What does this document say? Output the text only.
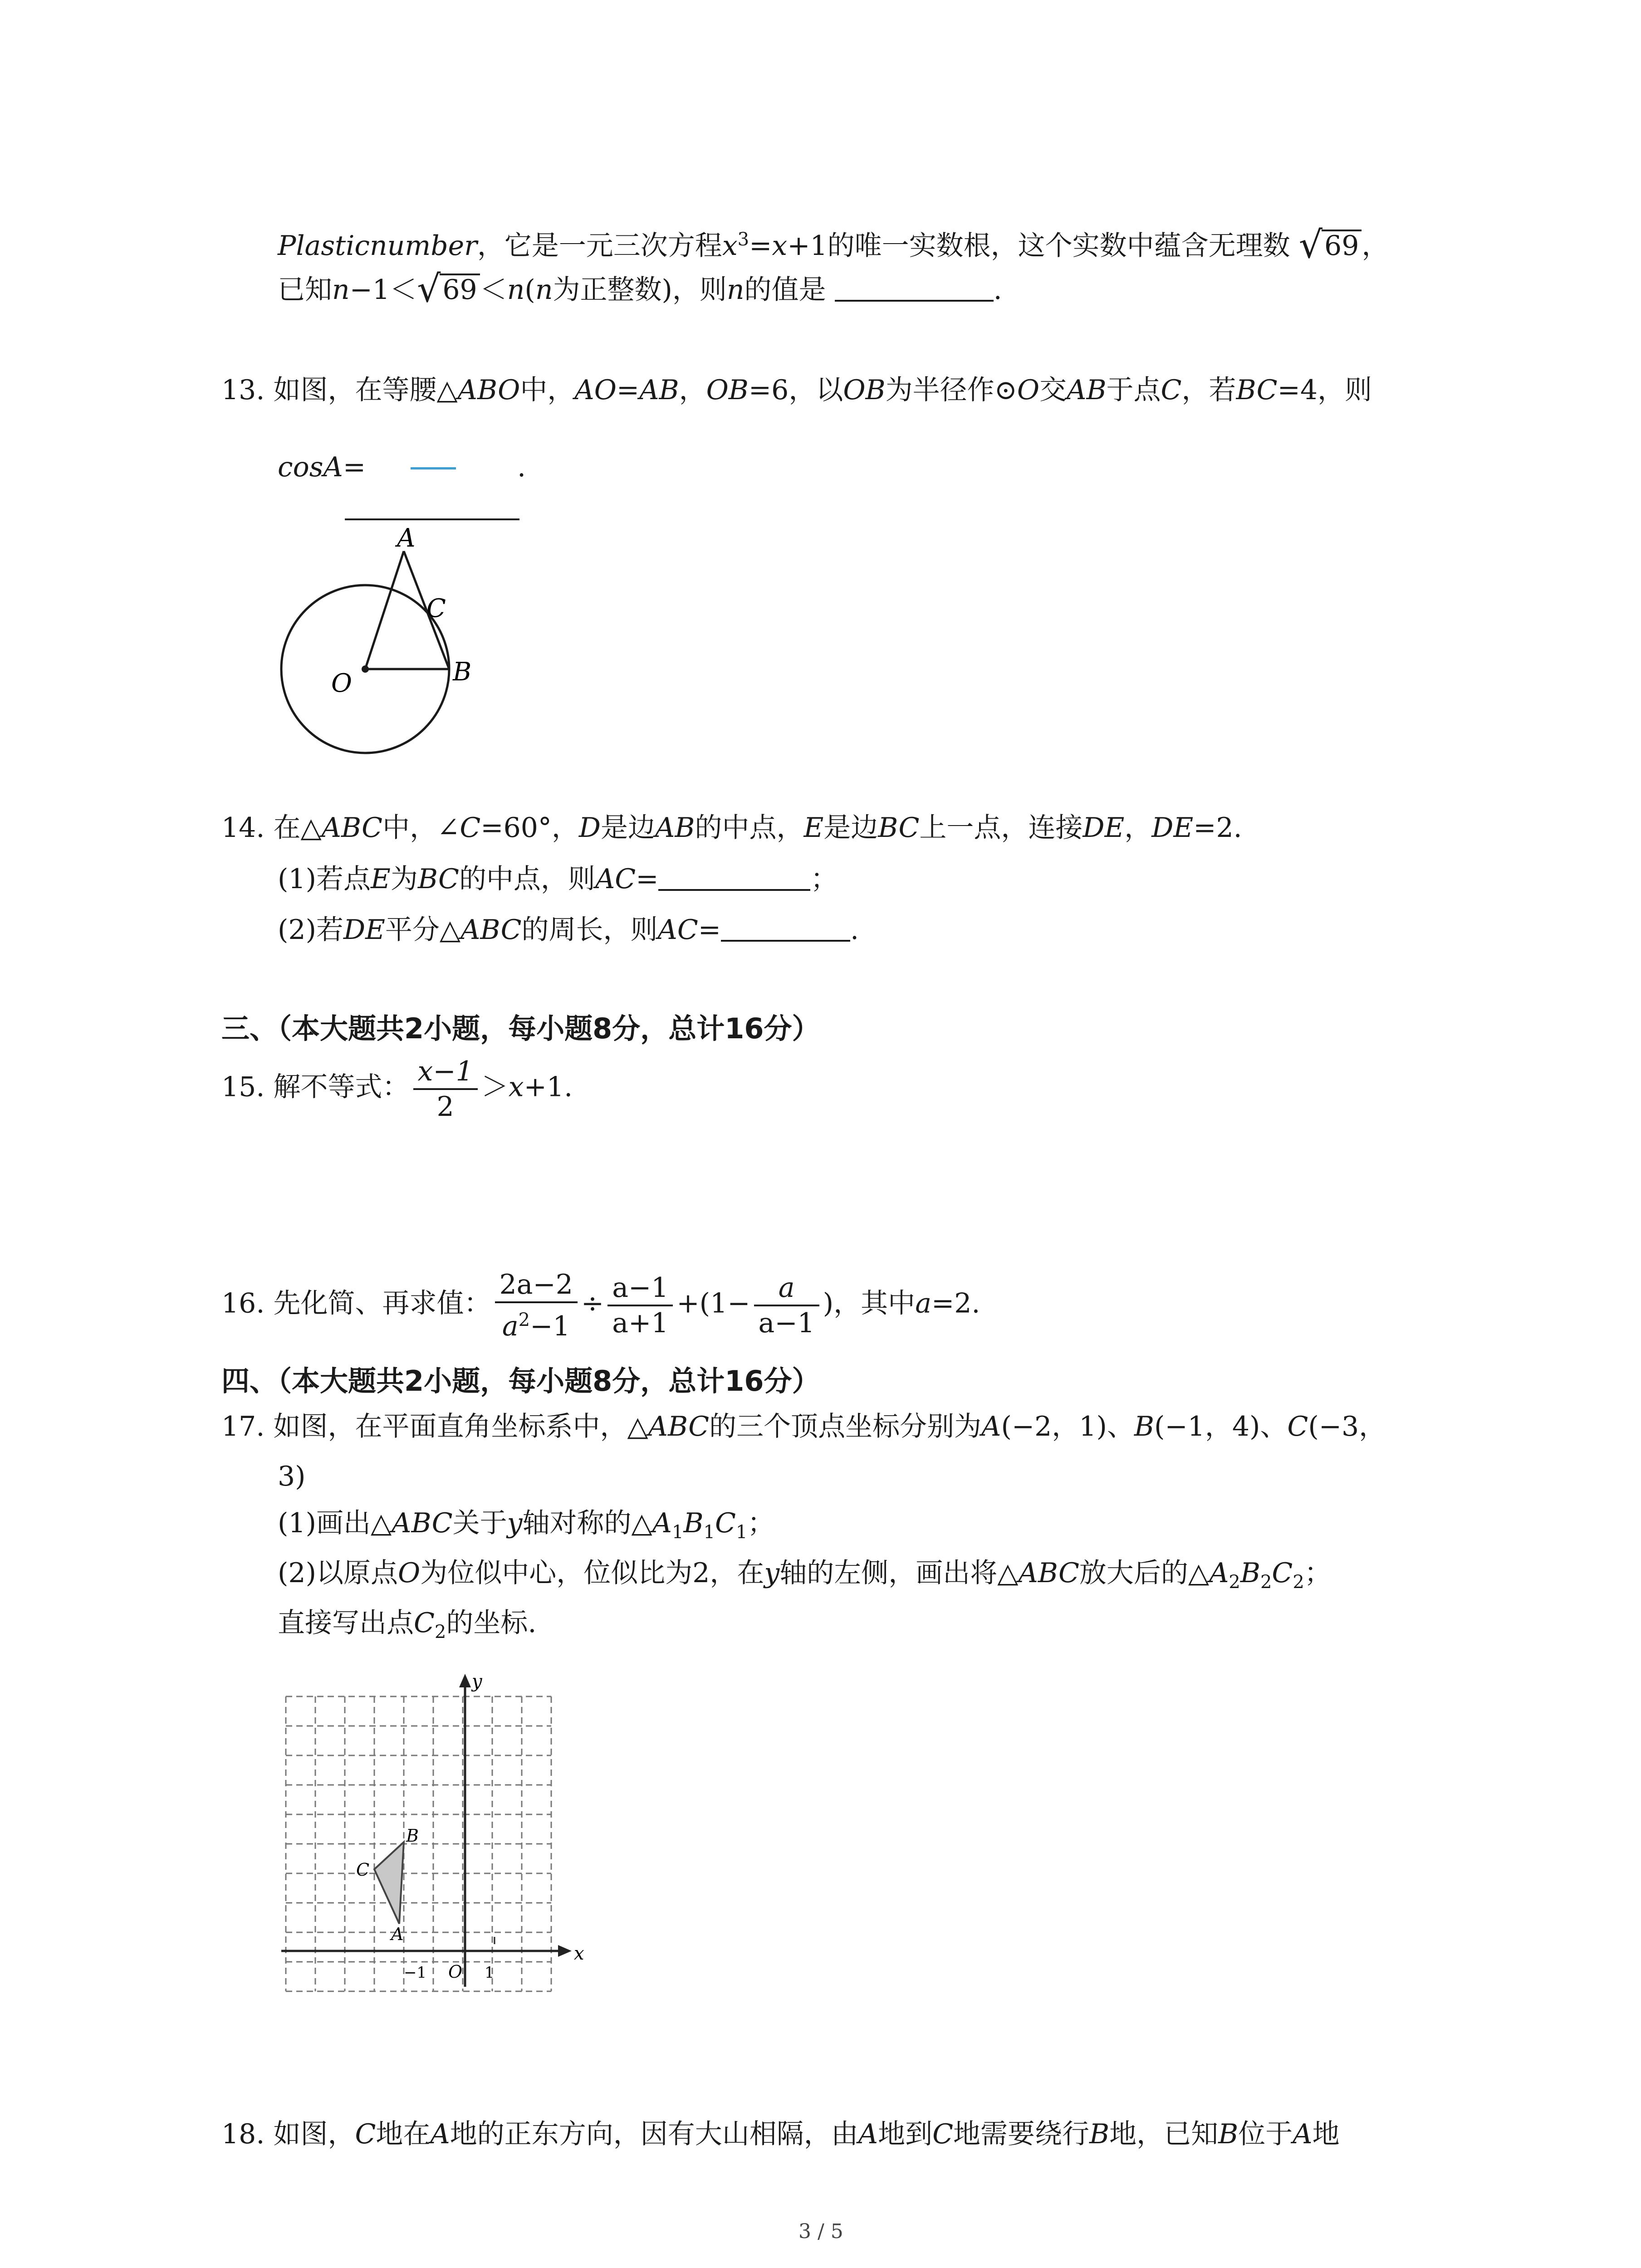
Plasticnumber，它是一元三次方程$x^3=x+1$的唯一实数根，这个实数中蕴含无理数 √69 ，
已知n−1＜√69 ＜n(n为正整数)，则n的值是	.
13. 如图，在等腰△ABO中，AO=AB，OB=6，以OB为半径作⊙O交AB于点C，若BC=4，则
cosA=	.
A
C
B
O
14. 在△ABC中，∠C=60°，D是边AB的中点，E是边BC上一点，连接DE，DE=2.
(1)若点E为BC的中点，则AC=	；
(2)若DE平分△ABC的周长，则AC=	.
三、（本大题共2小题，每小题8分，总计16分）
15. 解不等式： $\frac{x-1}{2} >x+1$.
16. 先化简、再求值： $\frac{2a-2}{a^2-1} \div \frac{a-1}{a+1} +(1- \frac{a}{a-1}$ )，其中a=2.
四、（本大题共2小题，每小题8分，总计16分）
17. 如图，在平面直角坐标系中，△ABC的三个顶点坐标分别为A(−2，1)、B(−1，4)、C(−3，
3)
(1)画出△ABC关于y轴对称的$\triangle A_1B_1C_1$；
(2)以原点O为位似中心，位似比为2，在y轴的左侧，画出将△ABC放大后的$\triangle A_2B_2C_2$；
直接写出点$C_2$的坐标.
x
y
O
−1	1
B
C
A
18. 如图，C地在A地的正东方向，因有大山相隔，由A地到C地需要绕行B地，已知B位于A地
3 / 5
